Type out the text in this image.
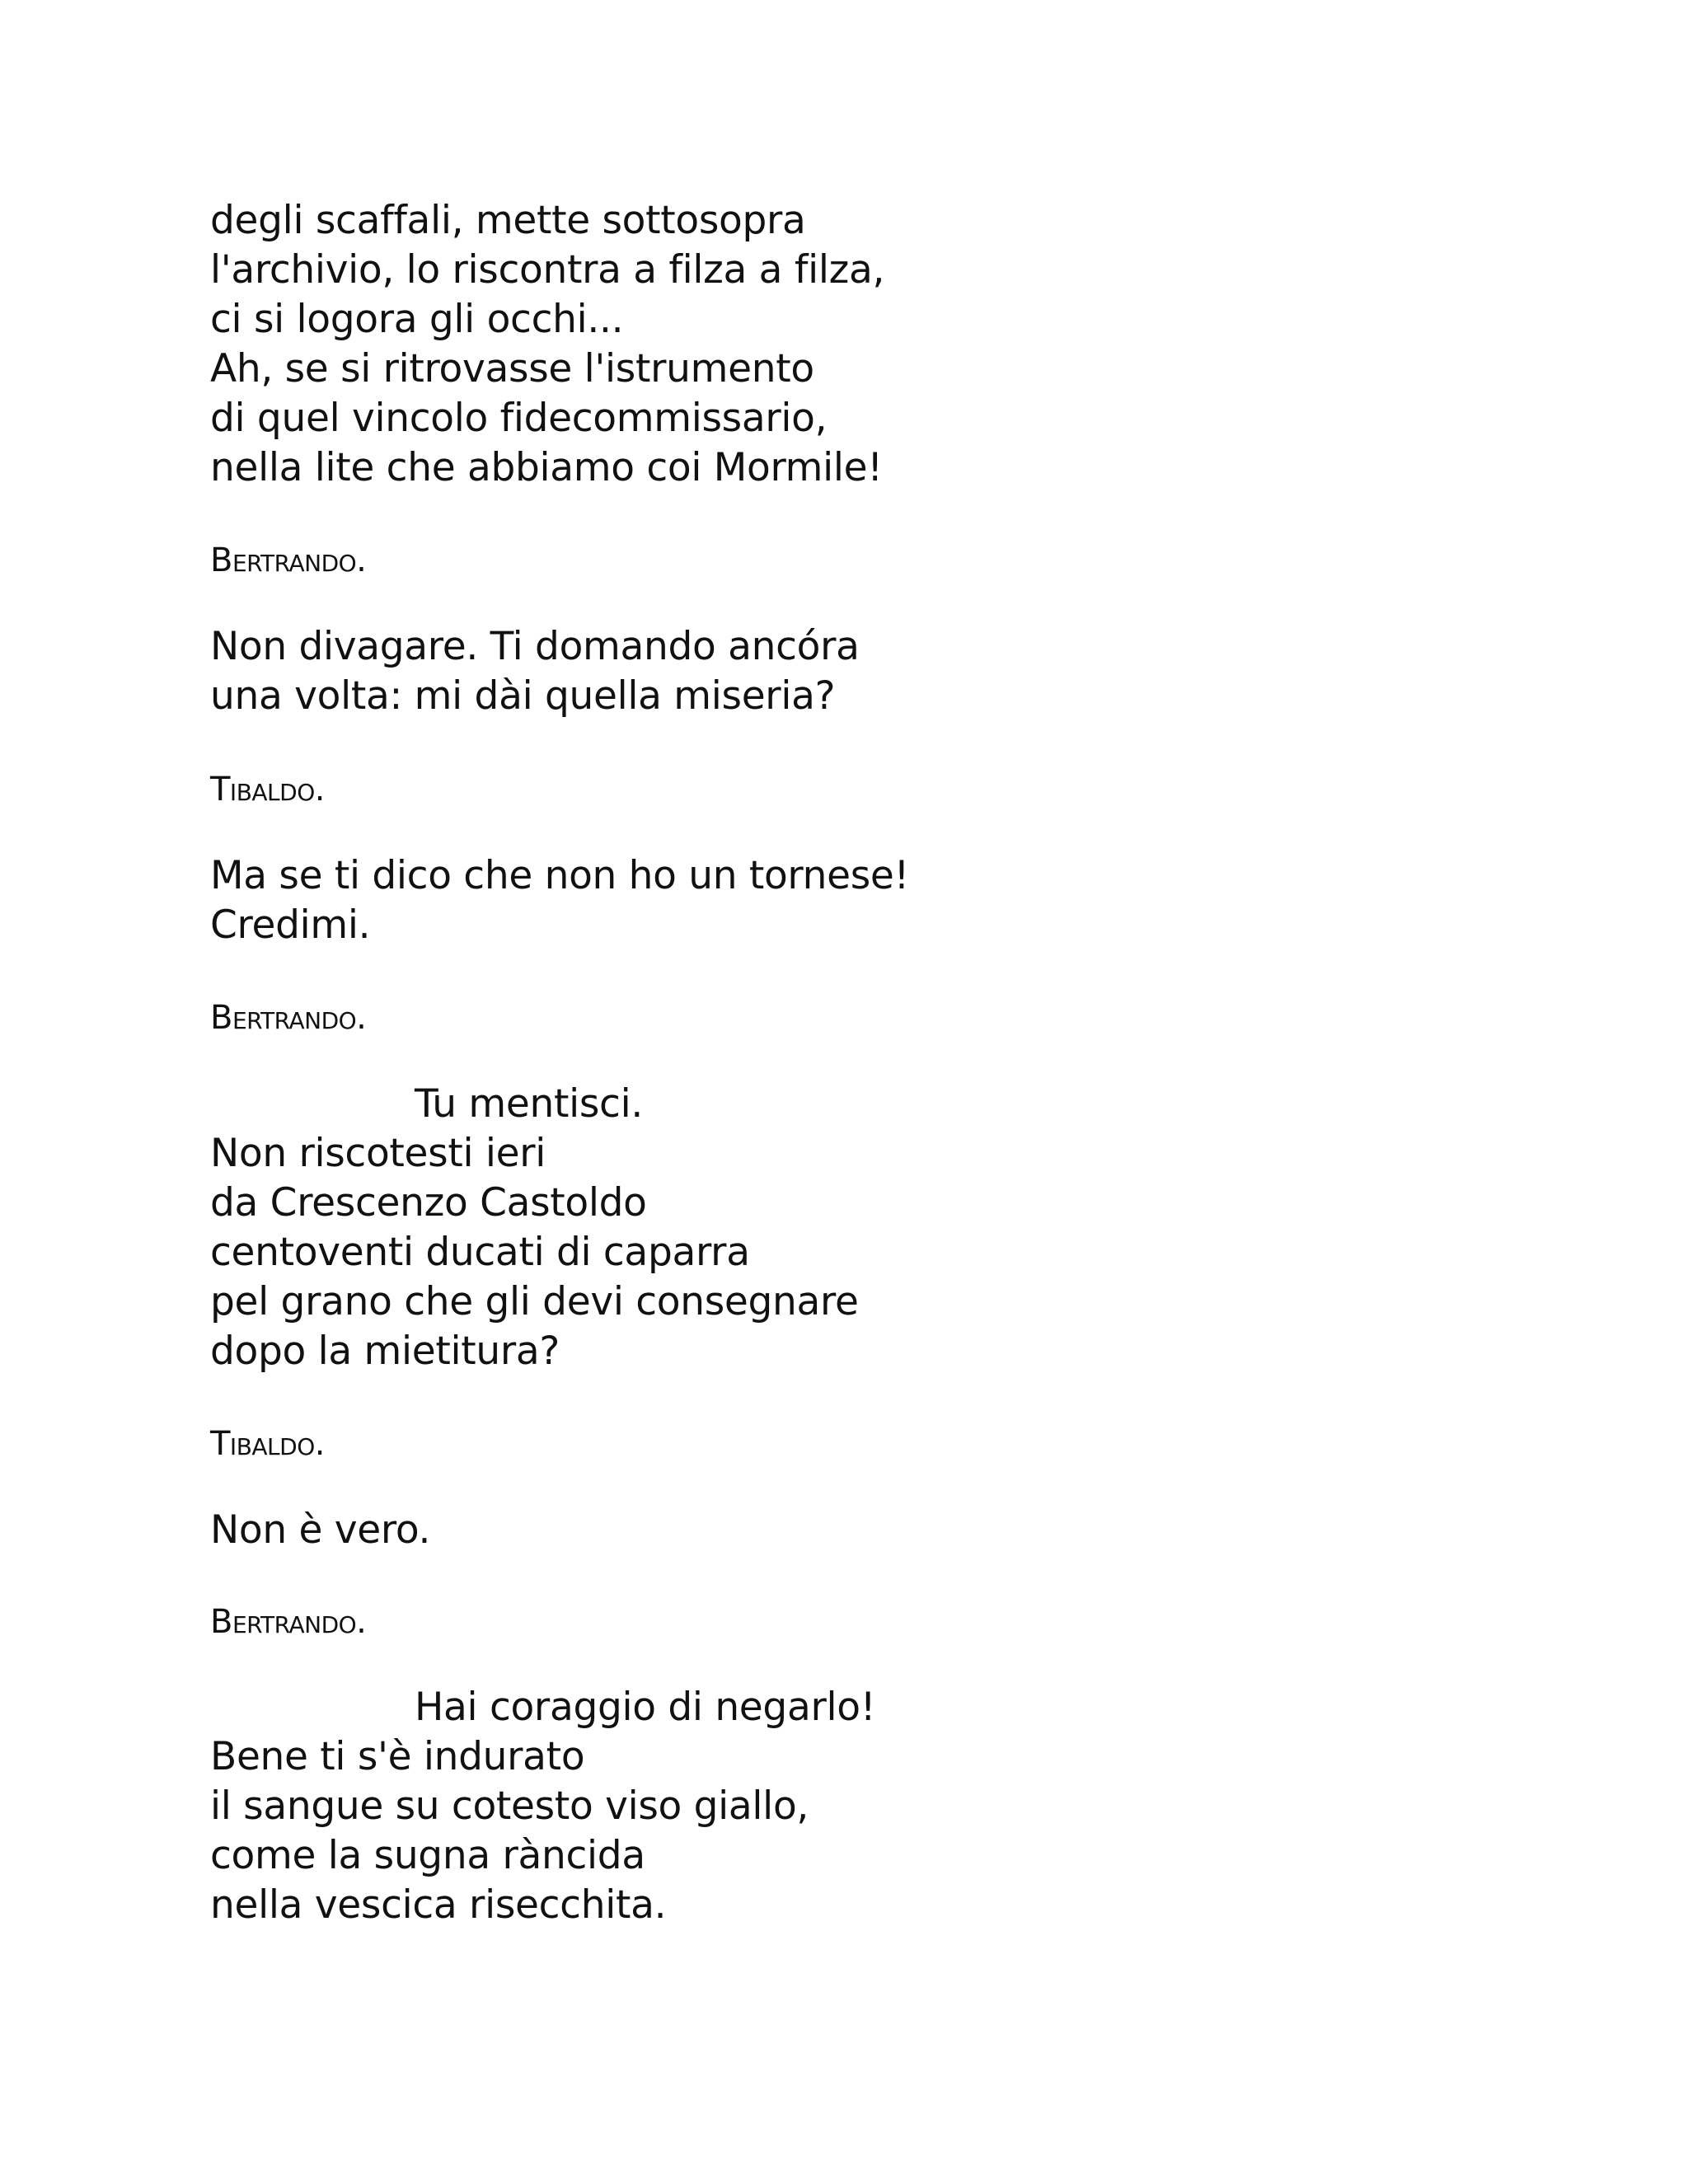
degli scaffali, mette sottosopra
l'archivio, lo riscontra a filza a filza,
ci si logora gli occhi...
Ah, se si ritrovasse l'istrumento
di quel vincolo fidecommissario,
nella lite che abbiamo coi Mormile!
Bertrando.
Non divagare. Ti domando ancóra
una volta: mi dài quella miseria?
Tibaldo.
Ma se ti dico che non ho un tornese!
Credimi.
Bertrando.
Tu mentisci.
Non riscotesti ieri
da Crescenzo Castoldo
centoventi ducati di caparra
pel grano che gli devi consegnare
dopo la mietitura?
Tibaldo.
Non è vero.
Bertrando.
Hai coraggio di negarlo!
Bene ti s'è indurato
il sangue su cotesto viso giallo,
come la sugna ràncida
nella vescica risecchita.
